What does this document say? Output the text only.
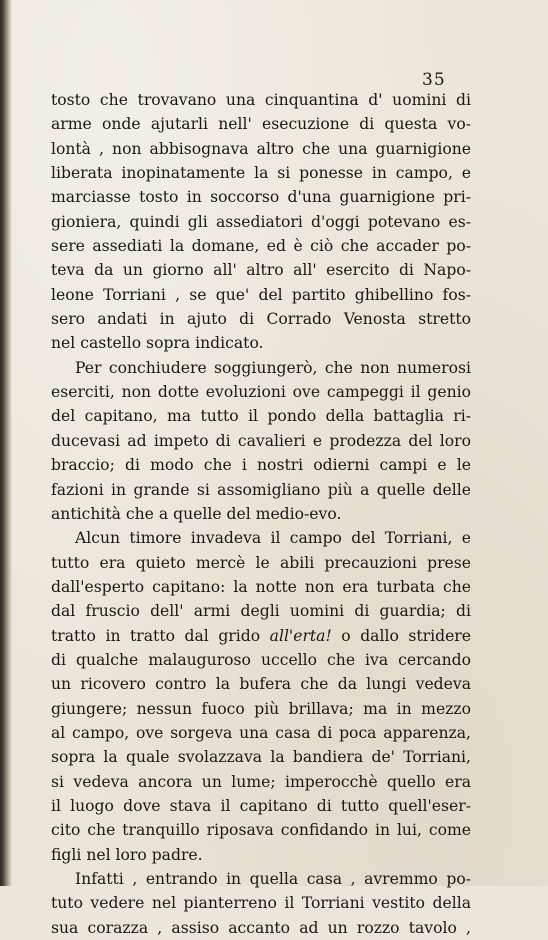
35
tosto che trovavano una cinquantina d' uomini di
arme onde ajutarli nell' esecuzione di questa vo-
lontà , non abbisognava altro che una guarnigione
liberata inopinatamente la si ponesse in campo, e
marciasse tosto in soccorso d'una guarnigione pri-
gioniera, quindi gli assediatori d'oggi potevano es-
sere assediati la domane, ed è ciò che accader po-
teva da un giorno all' altro all' esercito di Napo-
leone Torriani , se que' del partito ghibellino fos-
sero andati in ajuto di Corrado Venosta stretto
nel castello sopra indicato.
Per conchiudere soggiungerò, che non numerosi
eserciti, non dotte evoluzioni ove campeggi il genio
del capitano, ma tutto il pondo della battaglia ri-
ducevasi ad impeto di cavalieri e prodezza del loro
braccio; di modo che i nostri odierni campi e le
fazioni in grande si assomigliano più a quelle delle
antichità che a quelle del medio-evo.
Alcun timore invadeva il campo del Torriani, e
tutto era quieto mercè le abili precauzioni prese
dall'esperto capitano: la notte non era turbata che
dal fruscio dell' armi degli uomini di guardia; di
tratto in tratto dal grido all'erta! o dallo stridere
di qualche malauguroso uccello che iva cercando
un ricovero contro la bufera che da lungi vedeva
giungere; nessun fuoco più brillava; ma in mezzo
al campo, ove sorgeva una casa di poca apparenza,
sopra la quale svolazzava la bandiera de' Torriani,
si vedeva ancora un lume; imperocchè quello era
il luogo dove stava il capitano di tutto quell'eser-
cito che tranquillo riposava confidando in lui, come
figli nel loro padre.
Infatti , entrando in quella casa , avremmo po-
tuto vedere nel pianterreno il Torriani vestito della
sua corazza , assiso accanto ad un rozzo tavolo ,
